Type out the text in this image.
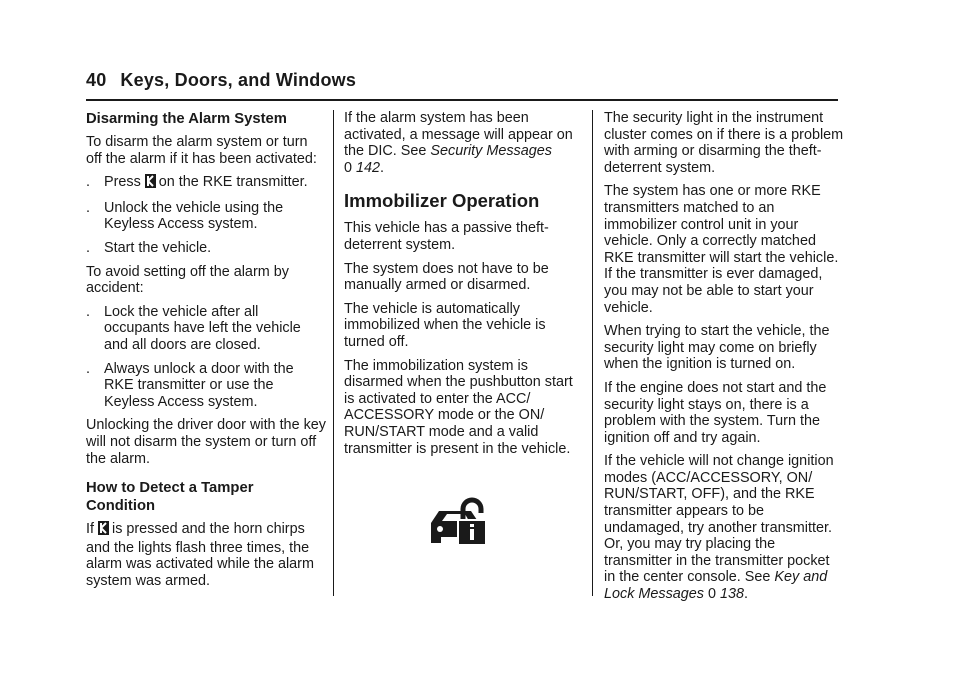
40 Keys, Doors, and Windows
Disarming the Alarm System

To disarm the alarm system or turn off the alarm if it has been activated:

. Press on the RKE transmitter.
. Unlock the vehicle using the Keyless Access system.
. Start the vehicle.

To avoid setting off the alarm by accident:

. Lock the vehicle after all occupants have left the vehicle and all doors are closed.
. Always unlock a door with the RKE transmitter or use the Keyless Access system.

Unlocking the driver door with the key will not disarm the system or turn off the alarm.

How to Detect a Tamper Condition

If is pressed and the horn chirps and the lights flash three times, the alarm was activated while the alarm system was armed.

If the alarm system has been activated, a message will appear on the DIC. See Security Messages
0 142.

Immobilizer Operation

This vehicle has a passive theft-deterrent system.

The system does not have to be manually armed or disarmed.

The vehicle is automatically immobilized when the vehicle is turned off.

The immobilization system is disarmed when the pushbutton start is activated to enter the ACC/ ACCESSORY mode or the ON/ RUN/START mode and a valid transmitter is present in the vehicle.

The security light in the instrument cluster comes on if there is a problem with arming or disarming the theft-deterrent system.

The system has one or more RKE transmitters matched to an immobilizer control unit in your vehicle. Only a correctly matched RKE transmitter will start the vehicle. If the transmitter is ever damaged, you may not be able to start your vehicle.

When trying to start the vehicle, the security light may come on briefly when the ignition is turned on.

If the engine does not start and the security light stays on, there is a problem with the system. Turn the ignition off and try again.

If the vehicle will not change ignition modes (ACC/ACCESSORY, ON/ RUN/START, OFF), and the RKE transmitter appears to be undamaged, try another transmitter. Or, you may try placing the transmitter in the transmitter pocket in the center console. See Key and Lock Messages 0 138.
